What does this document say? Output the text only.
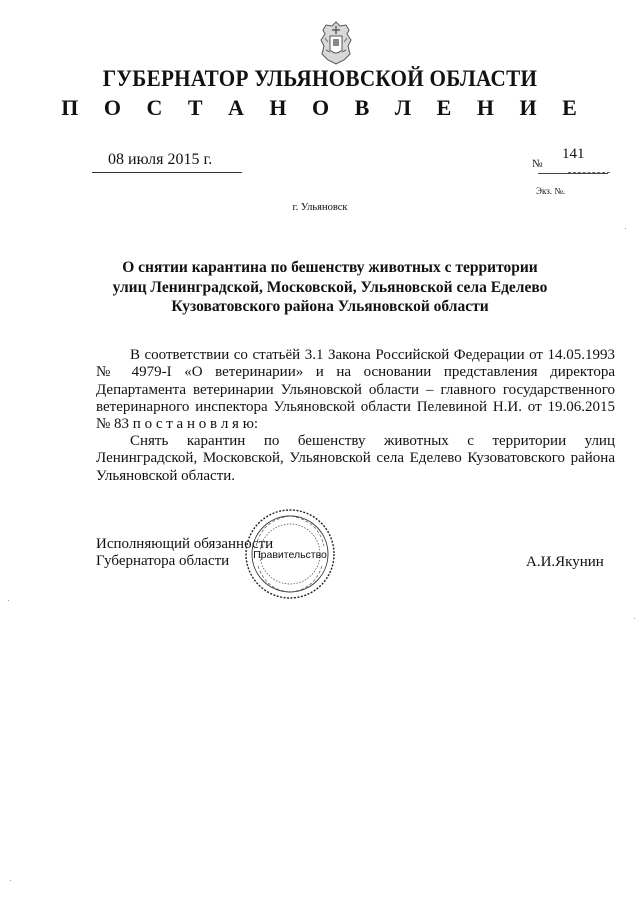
ГУБЕРНАТОР УЛЬЯНОВСКОЙ ОБЛАСТИ
П О С Т А Н О В Л Е Н И Е
08 июля 2015 г.	№
141
Экз. №.
г. Ульяновск
О снятии карантина по бешенству животных с территории
улиц Ленинградской, Московской, Ульяновской села Еделево
Кузоватовского района Ульяновской области
В соответствии со статьёй 3.1 Закона Российской Федерации от 14.05.1993 № 4979-I «О ветеринарии» и на основании представления директора Департамента ветеринарии Ульяновской области – главного государственного ветеринарного инспектора Ульяновской области Пелевиной Н.И. от 19.06.2015 № 83 п о с т а н о в л я ю:
Снять карантин по бешенству животных с территории улиц Ленинградской, Московской, Ульяновской села Еделево Кузоватовского района Ульяновской области.
Исполняющий обязанности
Губернатора области	Правительство	А.И.Якунин
